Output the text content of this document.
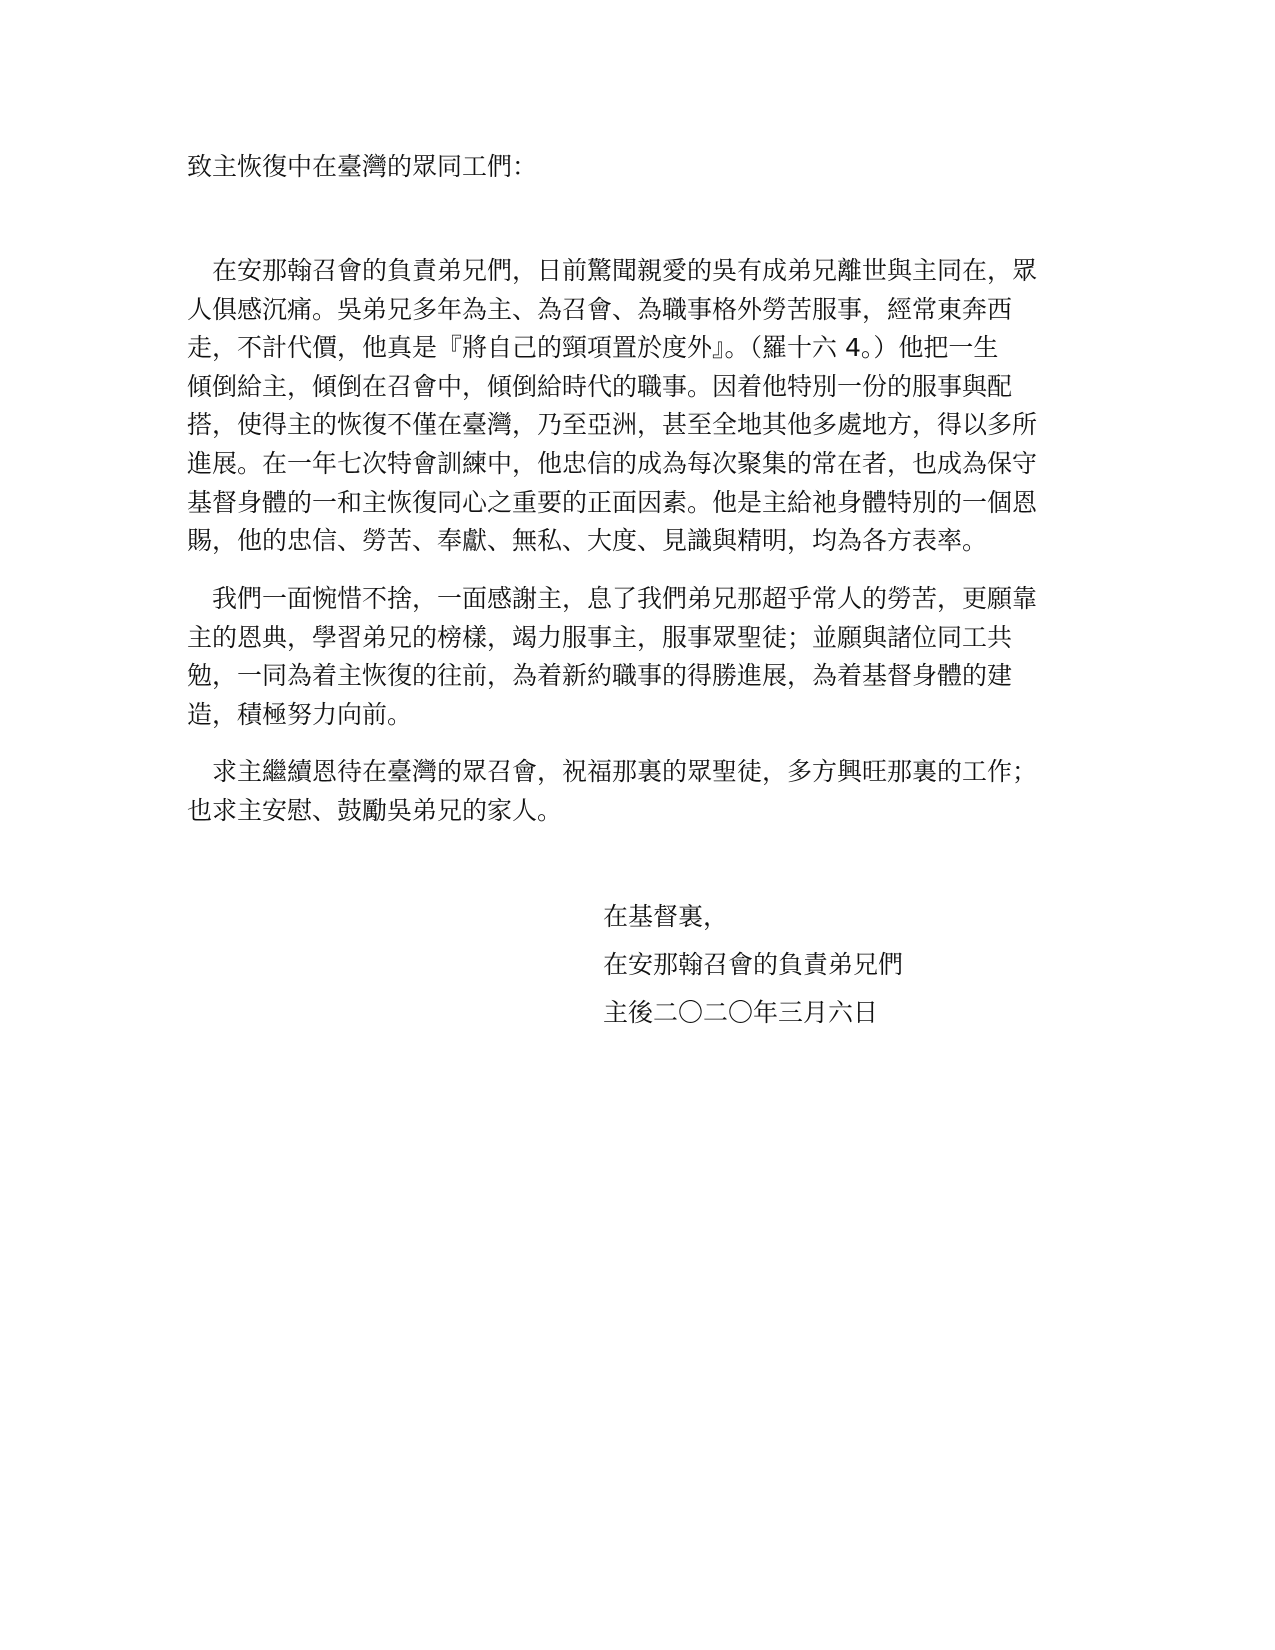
致主恢復中在臺灣的眾同工們：

　在安那翰召會的負責弟兄們，日前驚聞親愛的吳有成弟兄離世與主同在，眾
人俱感沉痛。吳弟兄多年為主、為召會、為職事格外勞苦服事，經常東奔西
走，不計代價，他真是『將自己的頸項置於度外』。（羅十六 4。）他把一生
傾倒給主，傾倒在召會中，傾倒給時代的職事。因着他特別一份的服事與配
搭，使得主的恢復不僅在臺灣，乃至亞洲，甚至全地其他多處地方，得以多所
進展。在一年七次特會訓練中，他忠信的成為每次聚集的常在者，也成為保守
基督身體的一和主恢復同心之重要的正面因素。他是主給祂身體特別的一個恩
賜，他的忠信、勞苦、奉獻、無私、大度、見識與精明，均為各方表率。

　我們一面惋惜不捨，一面感謝主，息了我們弟兄那超乎常人的勞苦，更願靠
主的恩典，學習弟兄的榜樣，竭力服事主，服事眾聖徒；並願與諸位同工共
勉，一同為着主恢復的往前，為着新約職事的得勝進展，為着基督身體的建
造，積極努力向前。

　求主繼續恩待在臺灣的眾召會，祝福那裏的眾聖徒，多方興旺那裏的工作；
也求主安慰、鼓勵吳弟兄的家人。

在基督裏，
在安那翰召會的負責弟兄們
主後二〇二〇年三月六日
